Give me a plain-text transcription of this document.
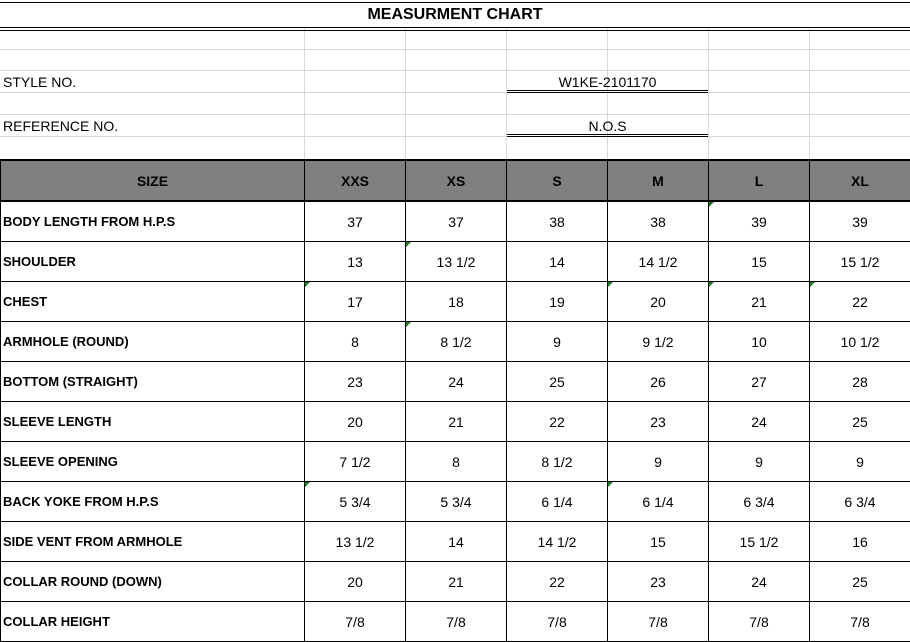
MEASURMENT CHART
STYLE NO.	W1KE-2101170
REFERENCE NO.	N.O.S
SIZE	XXS	XS	S	M	L	XL
BODY LENGTH FROM H.P.S	37	37	38	38	39	39
SHOULDER	13	13 1/2	14	14 1/2	15	15 1/2
CHEST	17	18	19	20	21	22

ARMHOLE (ROUND)	8	8 1/2	9	9 1/2	10	10 1/2
BOTTOM (STRAIGHT)	23	24	25	26	27	28
SLEEVE LENGTH	20	21	22	23	24	25
SLEEVE OPENING	7 1/2	8	8 1/2	9	9	9
BACK YOKE FROM H.P.S	5 3/4	5 3/4	6 1/4	6 1/4	6 3/4	6 3/4
SIDE VENT FROM ARMHOLE	13 1/2	14	14 1/2	15	15 1/2	16
COLLAR ROUND (DOWN)	20	21	22	23	24	25
COLLAR HEIGHT	7/8	7/8	7/8	7/8	7/8	7/8
